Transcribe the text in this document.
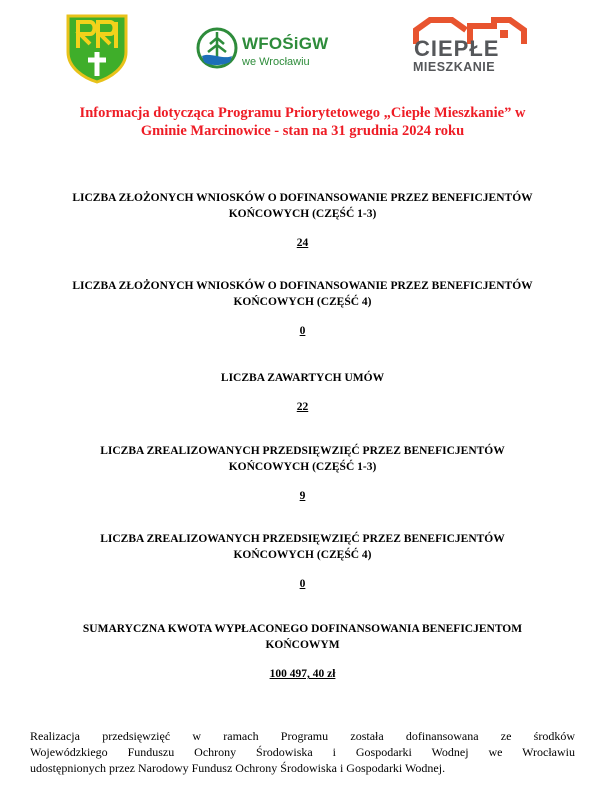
WFOŚiGW
we Wrocławiu
CIEPŁE
MIESZKANIE
Informacja dotycząca Programu Priorytetowego „Ciepłe Mieszkanie” w
Gminie Marcinowice - stan na 31 grudnia 2024 roku
LICZBA ZŁOŻONYCH WNIOSKÓW O DOFINANSOWANIE PRZEZ BENEFICJENTÓW
KOŃCOWYCH (CZĘŚĆ 1-3)
24
LICZBA ZŁOŻONYCH WNIOSKÓW O DOFINANSOWANIE PRZEZ BENEFICJENTÓW
KOŃCOWYCH (CZĘŚĆ 4)
0
LICZBA ZAWARTYCH UMÓW
22
LICZBA ZREALIZOWANYCH PRZEDSIĘWZIĘĆ PRZEZ BENEFICJENTÓW
KOŃCOWYCH (CZĘŚĆ 1-3)
9
LICZBA ZREALIZOWANYCH PRZEDSIĘWZIĘĆ PRZEZ BENEFICJENTÓW
KOŃCOWYCH (CZĘŚĆ 4)
0
SUMARYCZNA KWOTA WYPŁACONEGO DOFINANSOWANIA BENEFICJENTOM
KOŃCOWYM
100 497, 40 zł
Realizacja przedsięwzięć w ramach Programu została dofinansowana ze środków
Wojewódzkiego Funduszu Ochrony Środowiska i Gospodarki Wodnej we Wrocławiu
udostępnionych przez Narodowy Fundusz Ochrony Środowiska i Gospodarki Wodnej.
